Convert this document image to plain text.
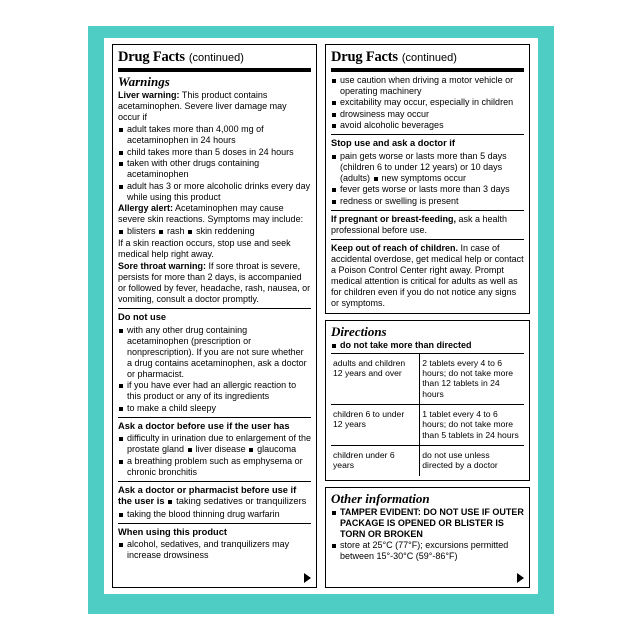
Drug Facts (continued)
Warnings
Liver warning: This product contains acetaminophen. Severe liver damage may occur if
adult takes more than 4,000 mg of acetaminophen in 24 hours
child takes more than 5 doses in 24 hours
taken with other drugs containing acetaminophen
adult has 3 or more alcoholic drinks every day while using this product
Allergy alert: Acetaminophen may cause severe skin reactions. Symptoms may include:
blisters rash skin reddening
If a skin reaction occurs, stop use and seek medical help right away.
Sore throat warning: If sore throat is severe, persists for more than 2 days, is accompanied or followed by fever, headache, rash, nausea, or vomiting, consult a doctor promptly.
Do not use
with any other drug containing acetaminophen (prescription or nonprescription). If you are not sure whether a drug contains acetaminophen, ask a doctor or pharmacist.
if you have ever had an allergic reaction to this product or any of its ingredients
to make a child sleepy
Ask a doctor before use if the user has
difficulty in urination due to enlargement of the prostate gland liver disease glaucoma
a breathing problem such as emphysema or chronic bronchitis
Ask a doctor or pharmacist before use if the user is taking sedatives or tranquilizers
taking the blood thinning drug warfarin
When using this product
alcohol, sedatives, and tranquilizers may increase drowsiness
Drug Facts (continued)
use caution when driving a motor vehicle or operating machinery
excitability may occur, especially in children
drowsiness may occur
avoid alcoholic beverages
Stop use and ask a doctor if
pain gets worse or lasts more than 5 days (children 6 to under 12 years) or 10 days (adults) new symptoms occur
fever gets worse or lasts more than 3 days
redness or swelling is present
If pregnant or breast-feeding, ask a health professional before use.
Keep out of reach of children. In case of accidental overdose, get medical help or contact a Poison Control Center right away. Prompt medical attention is critical for adults as well as for children even if you do not notice any signs or symptoms.
Directions
do not take more than directed
adults and children 12 years and over	2 tablets every 4 to 6 hours; do not take more than 12 tablets in 24 hours
children 6 to under 12 years	1 tablet every 4 to 6 hours; do not take more than 5 tablets in 24 hours
children under 6 years	do not use unless directed by a doctor
Other information
TAMPER EVIDENT: DO NOT USE IF OUTER PACKAGE IS OPENED OR BLISTER IS TORN OR BROKEN
store at 25°C (77°F); excursions permitted between 15°-30°C (59°-86°F)
